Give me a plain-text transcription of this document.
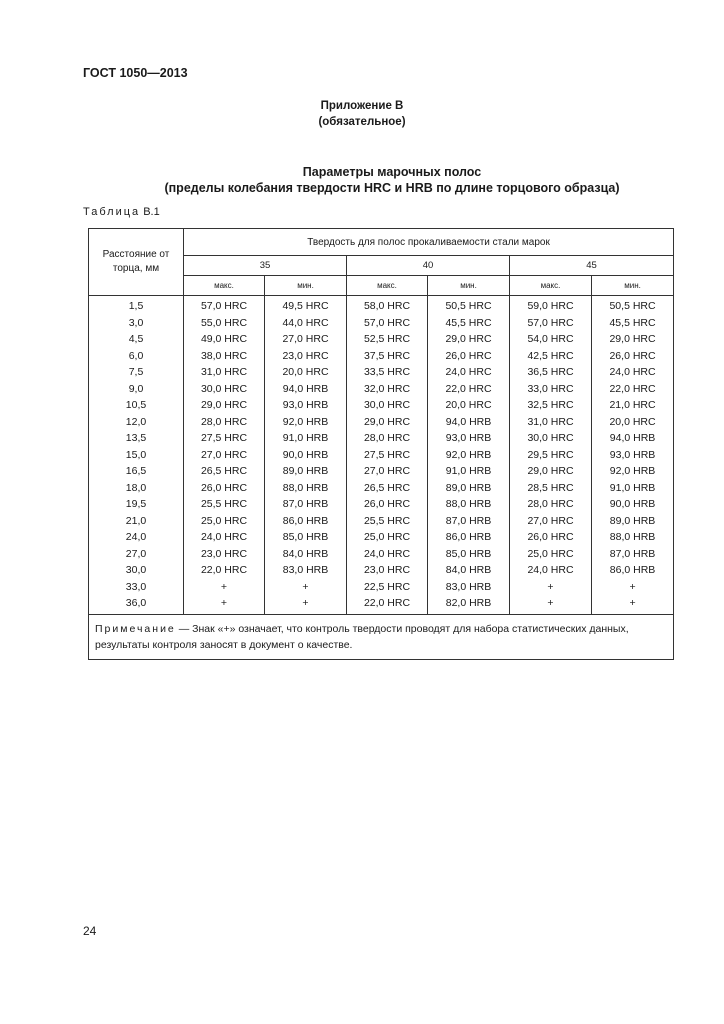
ГОСТ 1050—2013
Приложение В
(обязательное)
Параметры марочных полос
(пределы колебания твердости HRC и HRB по длине торцового образца)
Таблица В.1
Расстояние от торца, мм	Твердость для полос прокаливаемости стали марок					
	35		40		45	
	макс.	мин.	макс.	мин.	макс.	мин.
1,5	57,0 HRC	49,5 HRC	58,0 HRC	50,5 HRC	59,0 HRC	50,5 HRC
3,0	55,0 HRC	44,0 HRC	57,0 HRC	45,5 HRC	57,0 HRC	45,5 HRC
4,5	49,0 HRC	27,0 HRC	52,5 HRC	29,0 HRC	54,0 HRC	29,0 HRC
6,0	38,0 HRC	23,0 HRC	37,5 HRC	26,0 HRC	42,5 HRC	26,0 HRC
7,5	31,0 HRC	20,0 HRC	33,5 HRC	24,0 HRC	36,5 HRC	24,0 HRC
9,0	30,0 HRC	94,0 HRB	32,0 HRC	22,0 HRC	33,0 HRC	22,0 HRC
10,5	29,0 HRC	93,0 HRB	30,0 HRC	20,0 HRC	32,5 HRC	21,0 HRC
12,0	28,0 HRC	92,0 HRB	29,0 HRC	94,0 HRB	31,0 HRC	20,0 HRC
13,5	27,5 HRC	91,0 HRB	28,0 HRC	93,0 HRB	30,0 HRC	94,0 HRB
15,0	27,0 HRC	90,0 HRB	27,5 HRC	92,0 HRB	29,5 HRC	93,0 HRB
16,5	26,5 HRC	89,0 HRB	27,0 HRC	91,0 HRB	29,0 HRC	92,0 HRB
18,0	26,0 HRC	88,0 HRB	26,5 HRC	89,0 HRB	28,5 HRC	91,0 HRB
19,5	25,5 HRC	87,0 HRB	26,0 HRC	88,0 HRB	28,0 HRC	90,0 HRB
21,0	25,0 HRC	86,0 HRB	25,5 HRC	87,0 HRB	27,0 HRC	89,0 HRB
24,0	24,0 HRC	85,0 HRB	25,0 HRC	86,0 HRB	26,0 HRC	88,0 HRB
27,0	23,0 HRC	84,0 HRB	24,0 HRC	85,0 HRB	25,0 HRC	87,0 HRB
30,0	22,0 HRC	83,0 HRB	23,0 HRC	84,0 HRB	24,0 HRC	86,0 HRB
33,0	+	+	22,5 HRC	83,0 HRB	+	+
36,0	+	+	22,0 HRC	82,0 HRB	+	+
Примечание — Знак «+» означает, что контроль твердости проводят для набора статистических данных, результаты контроля заносят в документ о качестве.						
24
